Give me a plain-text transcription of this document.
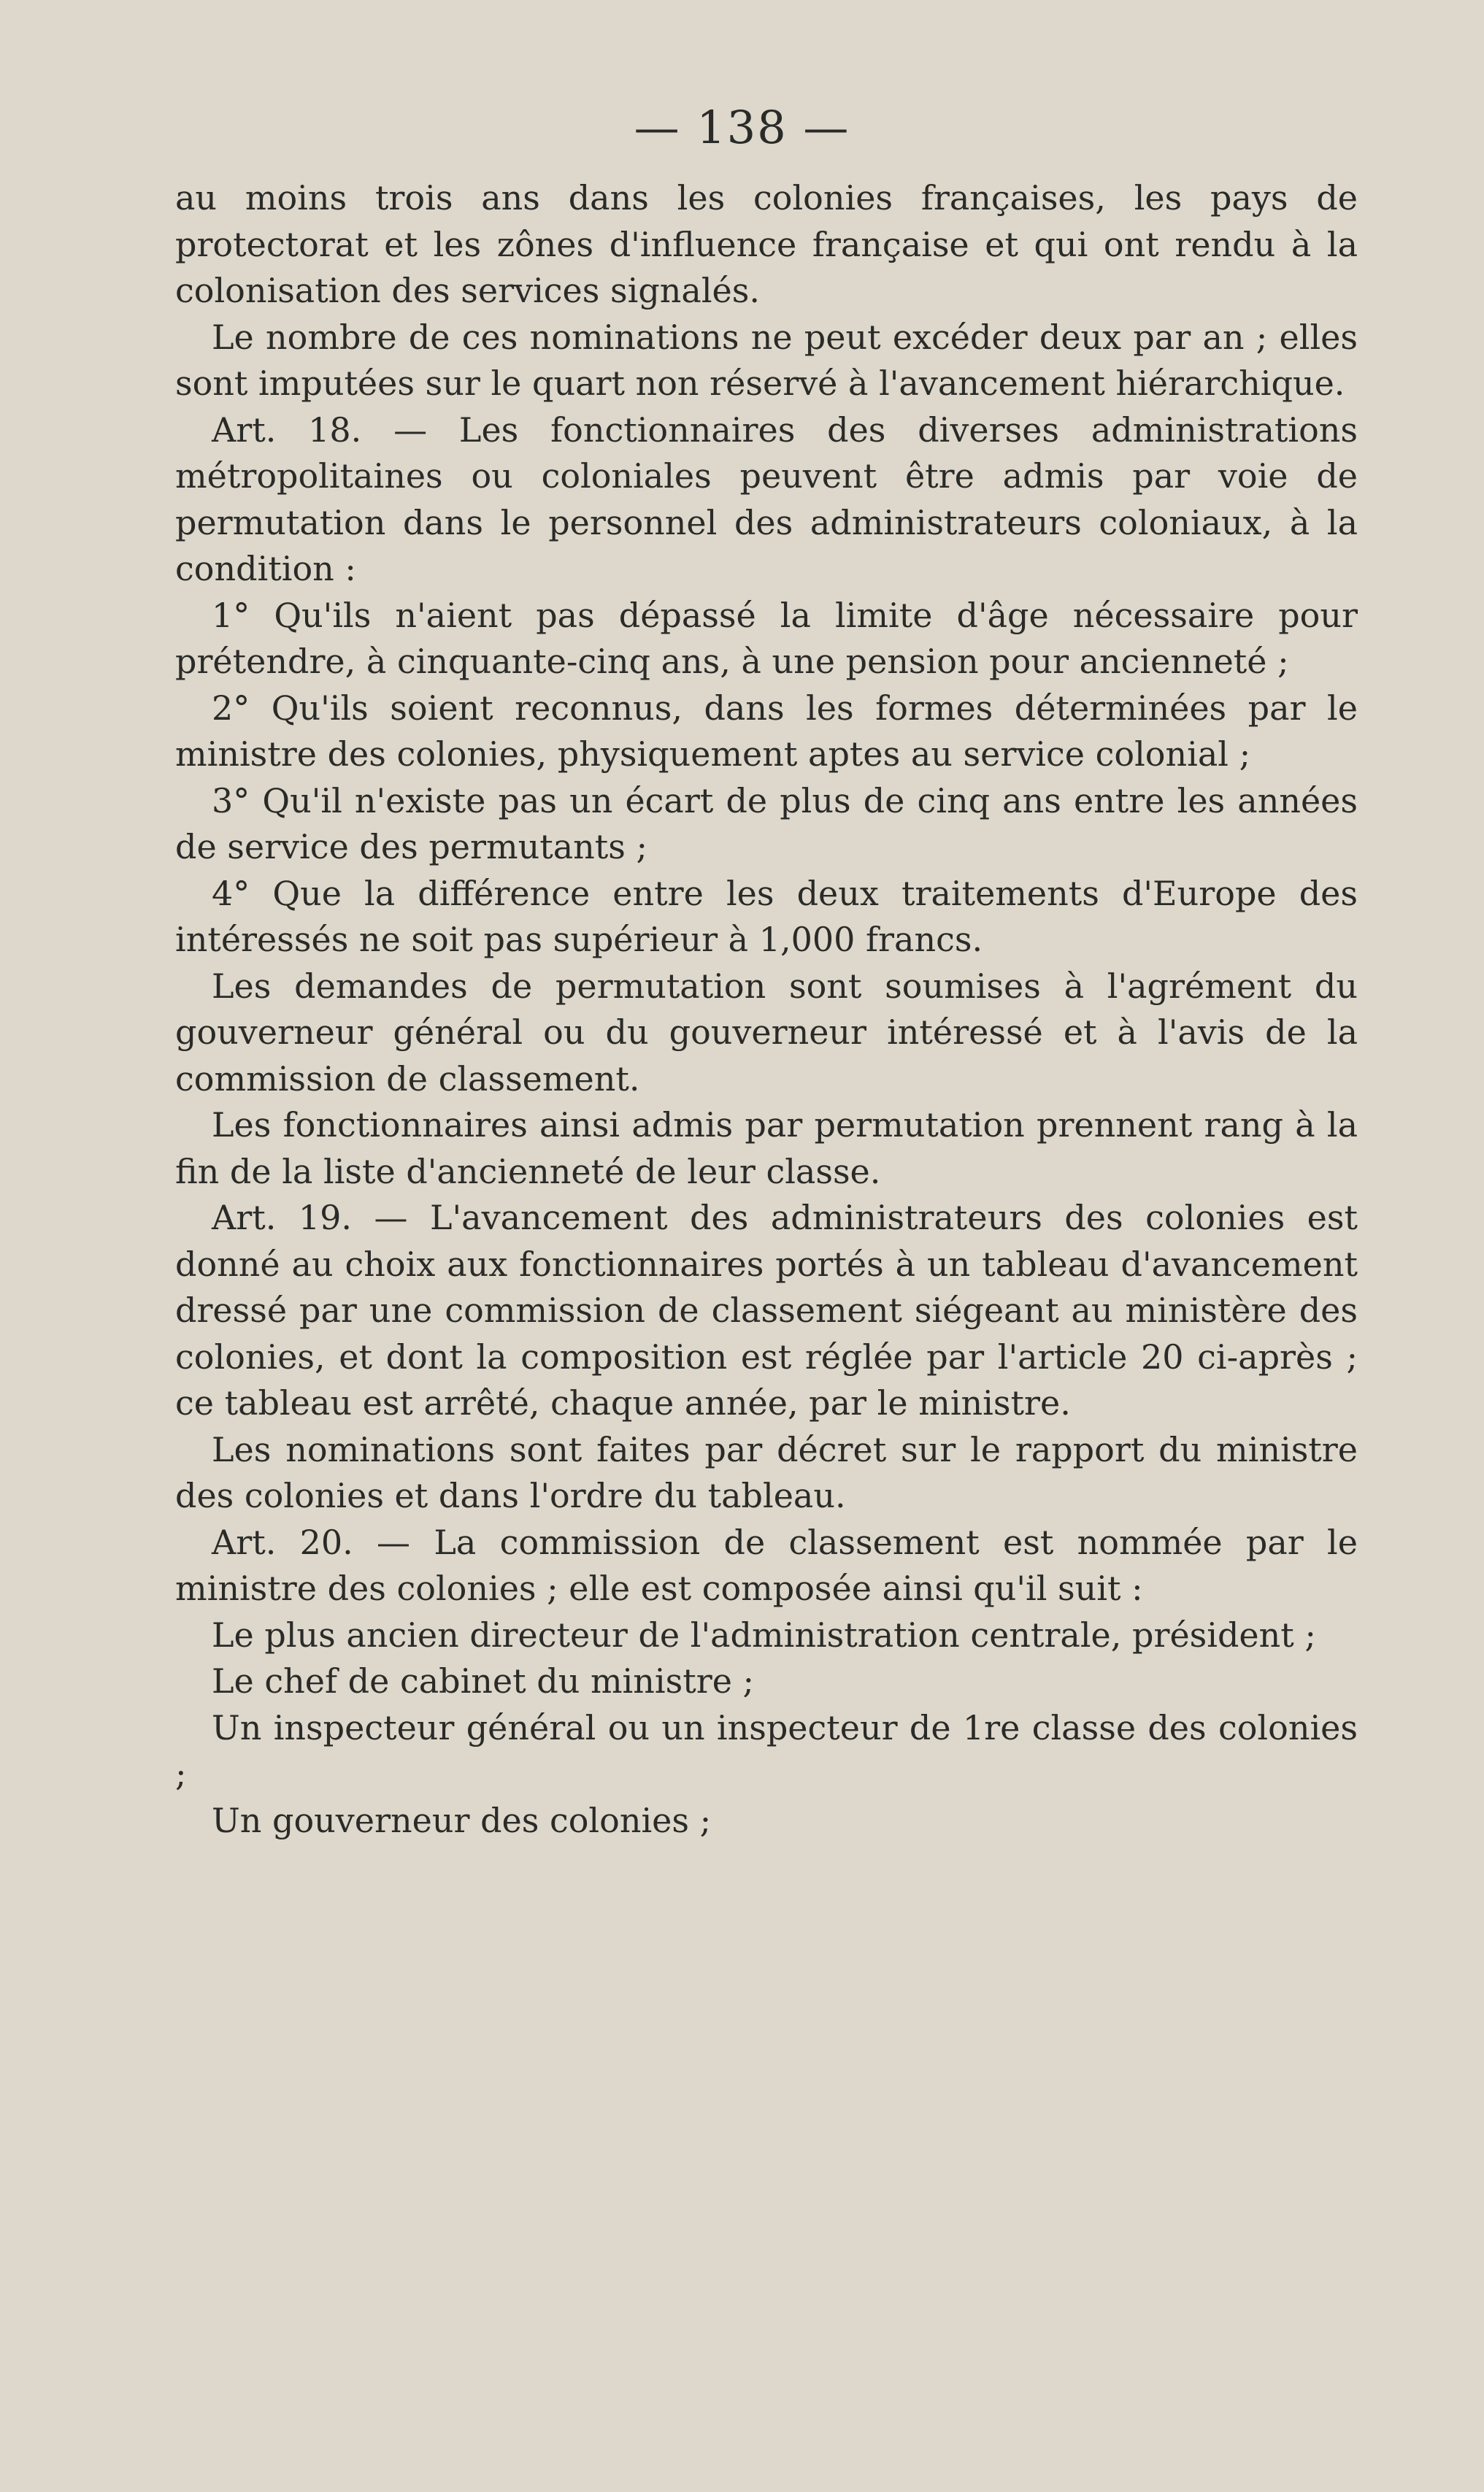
— 138 —

au moins trois ans dans les colonies françaises, les pays de protectorat et les zônes d'influence française et qui ont rendu à la colonisation des services signalés.

Le nombre de ces nominations ne peut excéder deux par an ; elles sont imputées sur le quart non réservé à l'avancement hiérarchique.

Art. 18. — Les fonctionnaires des diverses administrations métropolitaines ou coloniales peuvent être admis par voie de permutation dans le personnel des administrateurs coloniaux, à la condition :

1° Qu'ils n'aient pas dépassé la limite d'âge nécessaire pour prétendre, à cinquante-cinq ans, à une pension pour ancienneté ;

2° Qu'ils soient reconnus, dans les formes déterminées par le ministre des colonies, physiquement aptes au service colonial ;

3° Qu'il n'existe pas un écart de plus de cinq ans entre les années de service des permutants ;

4° Que la différence entre les deux traitements d'Europe des intéressés ne soit pas supérieur à 1,000 francs.

Les demandes de permutation sont soumises à l'agrément du gouverneur général ou du gouverneur intéressé et à l'avis de la commission de classement.

Les fonctionnaires ainsi admis par permutation prennent rang à la fin de la liste d'ancienneté de leur classe.

Art. 19. — L'avancement des administrateurs des colonies est donné au choix aux fonctionnaires portés à un tableau d'avancement dressé par une commission de classement siégeant au ministère des colonies, et dont la composition est réglée par l'article 20 ci-après ; ce tableau est arrêté, chaque année, par le ministre.

Les nominations sont faites par décret sur le rapport du ministre des colonies et dans l'ordre du tableau.

Art. 20. — La commission de classement est nommée par le ministre des colonies ; elle est composée ainsi qu'il suit :

Le plus ancien directeur de l'administration centrale, président ;

Le chef de cabinet du ministre ;

Un inspecteur général ou un inspecteur de 1re classe des colonies ;

Un gouverneur des colonies ;
